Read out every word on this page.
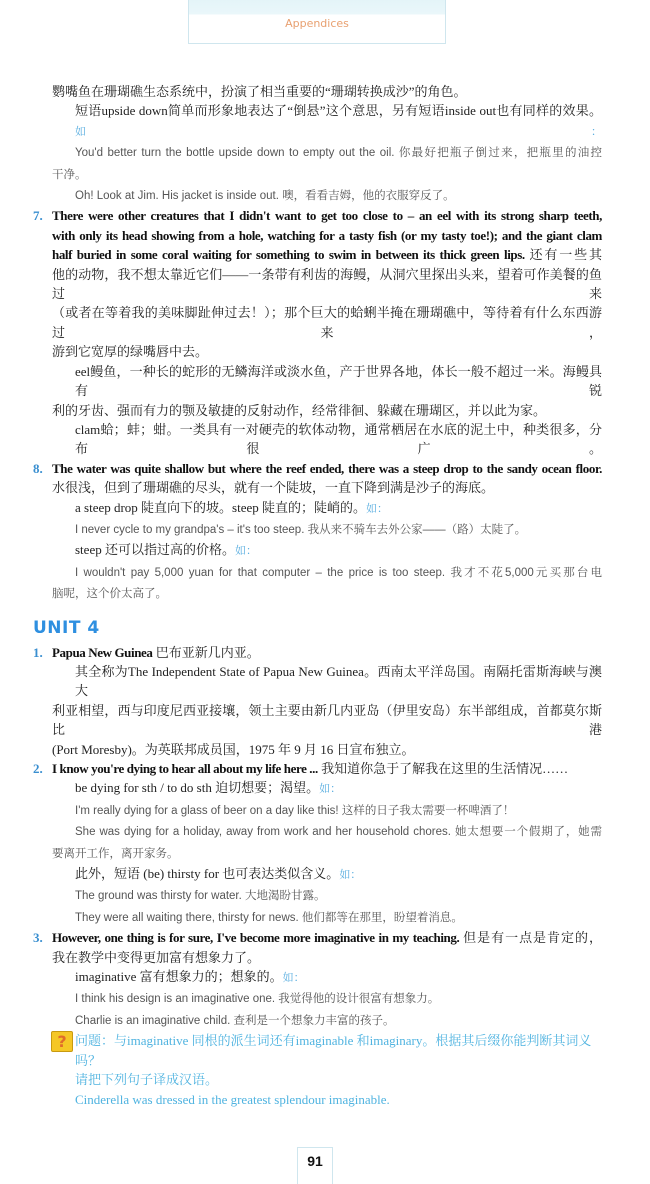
Appendices
鹦嘴鱼在珊瑚礁生态系统中，扮演了相当重要的“珊瑚转换成沙”的角色。
短语upside down简单而形象地表达了“倒悬”这个意思，另有短语inside out也有同样的效果。如：
You'd better turn the bottle upside down to empty out the oil. 你最好把瓶子倒过来，把瓶里的油控
干净。
Oh! Look at Jim. His jacket is inside out. 噢，看看吉姆，他的衣服穿反了。
There were other creatures that I didn't want to get too close to – an eel with its strong sharp teeth,
7.
with only its head showing from a hole, watching for a tasty fish (or my tasty toe!); and the giant clam
half buried in some coral waiting for something to swim in between its thick green lips. 还有一些其
他的动物，我不想太靠近它们——一条带有利齿的海鳗，从洞穴里探出头来，望着可作美餐的鱼过来
（或者在等着我的美味脚趾伸过去！）；那个巨大的蛤蜊半掩在珊瑚礁中，等待着有什么东西游过来，
游到它宽厚的绿嘴唇中去。
eel鳗鱼，一种长的蛇形的无鳞海洋或淡水鱼，产于世界各地，体长一般不超过一米。海鳗具有锐
利的牙齿、强而有力的颚及敏捷的反射动作，经常徘徊、躲藏在珊瑚区，并以此为家。
clam蛤；蚌；蚶。一类具有一对硬壳的软体动物，通常栖居在水底的泥土中，种类很多，分布很广。
The water was quite shallow but where the reef ended, there was a steep drop to the sandy ocean floor.
8.
水很浅，但到了珊瑚礁的尽头，就有一个陡坡，一直下降到满是沙子的海底。
a steep drop 陡直向下的坡。steep 陡直的；陡峭的。如：
I never cycle to my grandpa's – it's too steep. 我从来不骑车去外公家——（路）太陡了。
steep 还可以指过高的价格。如：
I wouldn't pay 5,000 yuan for that computer – the price is too steep. 我才不花5,000元买那台电
脑呢，这个价太高了。
UNIT 4
Papua New Guinea 巴布亚新几内亚。
1.
其全称为The Independent State of Papua New Guinea。西南太平洋岛国。南隔托雷斯海峡与澳大
利亚相望，西与印度尼西亚接壤，领土主要由新几内亚岛（伊里安岛）东半部组成，首都莫尔斯比港
(Port Moresby)。为英联邦成员国，1975 年 9 月 16 日宣布独立。
I know you're dying to hear all about my life here ... 我知道你急于了解我在这里的生活情况……
2.
be dying for sth / to do sth 迫切想要；渴望。如：
I'm really dying for a glass of beer on a day like this! 这样的日子我太需要一杯啤酒了！
She was dying for a holiday, away from work and her household chores. 她太想要一个假期了，她需
要离开工作，离开家务。
此外，短语 (be) thirsty for 也可表达类似含义。如：
The ground was thirsty for water. 大地渴盼甘露。
They were all waiting there, thirsty for news. 他们都等在那里，盼望着消息。
However, one thing is for sure, I've become more imaginative in my teaching. 但是有一点是肯定的，
3.
我在教学中变得更加富有想象力了。
imaginative 富有想象力的；想象的。如：
I think his design is an imaginative one. 我觉得他的设计很富有想象力。
Charlie is an imaginative child. 查利是一个想象力丰富的孩子。
问题：与imaginative 同根的派生词还有imaginable 和imaginary。根据其后缀你能判断其词义吗？
?
请把下列句子译成汉语。
Cinderella was dressed in the greatest splendour imaginable.
91
